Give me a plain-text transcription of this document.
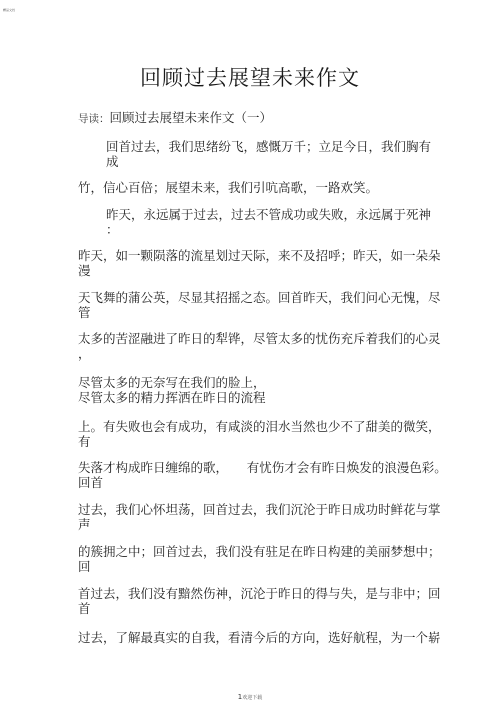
精品文档
回顾过去展望未来作文
导读：回顾过去展望未来作文（一）
回首过去，我们思绪纷飞，感慨万千；立足今日，我们胸有
成
竹，信心百倍；展望未来，我们引吭高歌，一路欢笑。
昨天，永远属于过去，过去不管成功或失败，永远属于死神
：
昨天，如一颗陨落的流星划过天际，来不及招呼；昨天，如一朵朵
漫
天飞舞的蒲公英，尽显其招摇之态。回首昨天，我们问心无愧，尽
管
太多的苦涩融进了昨日的犁铧，尽管太多的忧伤充斥着我们的心灵
，
尽管太多的无奈写在我们的脸上，
尽管太多的精力挥洒在昨日的流程
上。有失败也会有成功，有咸淡的泪水当然也少不了甜美的微笑，
有
失落才构成昨日缠绵的歌，　　有忧伤才会有昨日焕发的浪漫色彩。
回首
过去，我们心怀坦荡，回首过去，我们沉沦于昨日成功时鲜花与掌
声
的簇拥之中；回首过去，我们没有驻足在昨日构建的美丽梦想中；
回
首过去，我们没有黯然伤神，沉沦于昨日的得与失，是与非中；回
首
过去，了解最真实的自我，看清今后的方向，选好航程，为一个崭
1欢迎下载
